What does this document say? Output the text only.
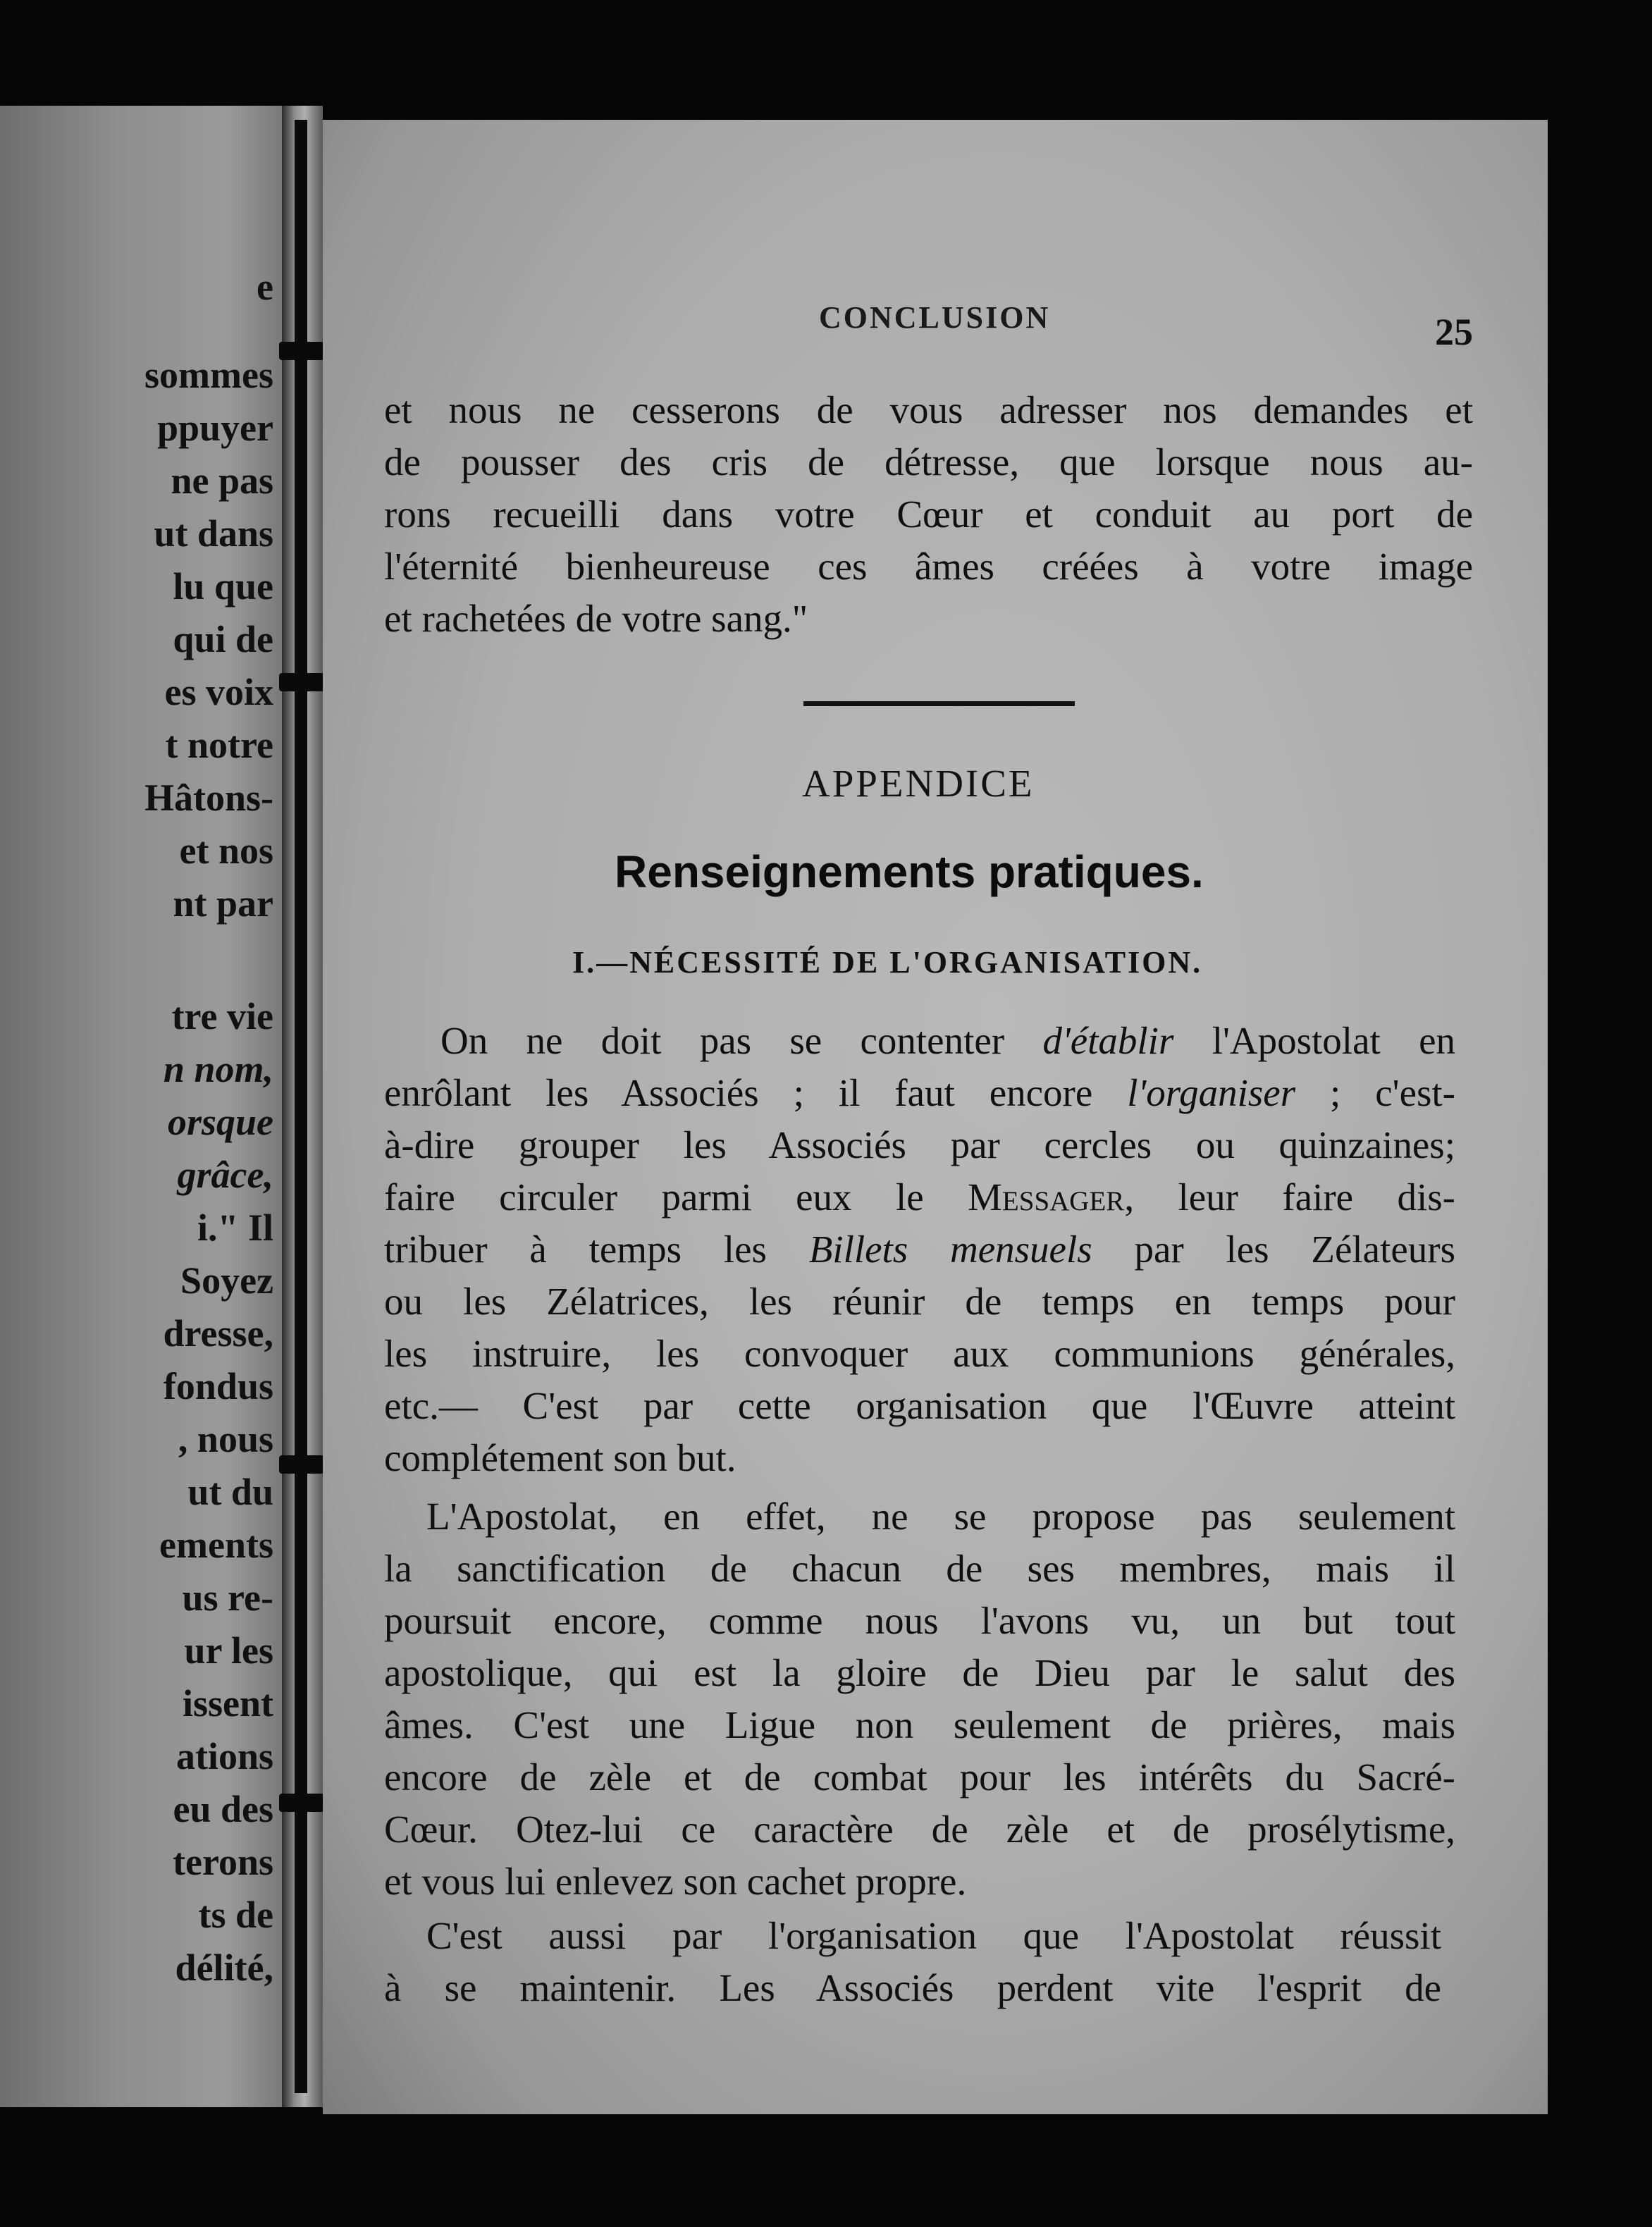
e
sommes
ppuyer
ne pas
ut dans
lu que
qui de
es voix
t notre
Hâtons-
et nos
nt par
tre vie
n nom,
orsque
grâce,
i." Il
Soyez
dresse,
fondus
, nous
ut du
ements
us re-
ur les
issent
ations
eu des
terons
ts de
délité,
CONCLUSION	25
et nous ne cesserons de vous adresser nos demandes et
de pousser des cris de détresse, que lorsque nous au-
rons recueilli dans votre Cœur et conduit au port de
l'éternité bienheureuse ces âmes créées à votre image
et rachetées de votre sang."
APPENDICE
Renseignements pratiques.
I.—NÉCESSITÉ DE L'ORGANISATION.
On ne doit pas se contenter d'établir l'Apostolat en
enrôlant les Associés ; il faut encore l'organiser ; c'est-
à-dire grouper les Associés par cercles ou quinzaines;
faire circuler parmi eux le Messager, leur faire dis-
tribuer à temps les Billets mensuels par les Zélateurs
ou les Zélatrices, les réunir de temps en temps pour
les instruire, les convoquer aux communions générales,
etc.— C'est par cette organisation que l'Œuvre atteint
complétement son but.
L'Apostolat, en effet, ne se propose pas seulement
la sanctification de chacun de ses membres, mais il
poursuit encore, comme nous l'avons vu, un but tout
apostolique, qui est la gloire de Dieu par le salut des
âmes. C'est une Ligue non seulement de prières, mais
encore de zèle et de combat pour les intérêts du Sacré-
Cœur. Otez-lui ce caractère de zèle et de prosélytisme,
et vous lui enlevez son cachet propre.
C'est aussi par l'organisation que l'Apostolat réussit
à se maintenir. Les Associés perdent vite l'esprit de
